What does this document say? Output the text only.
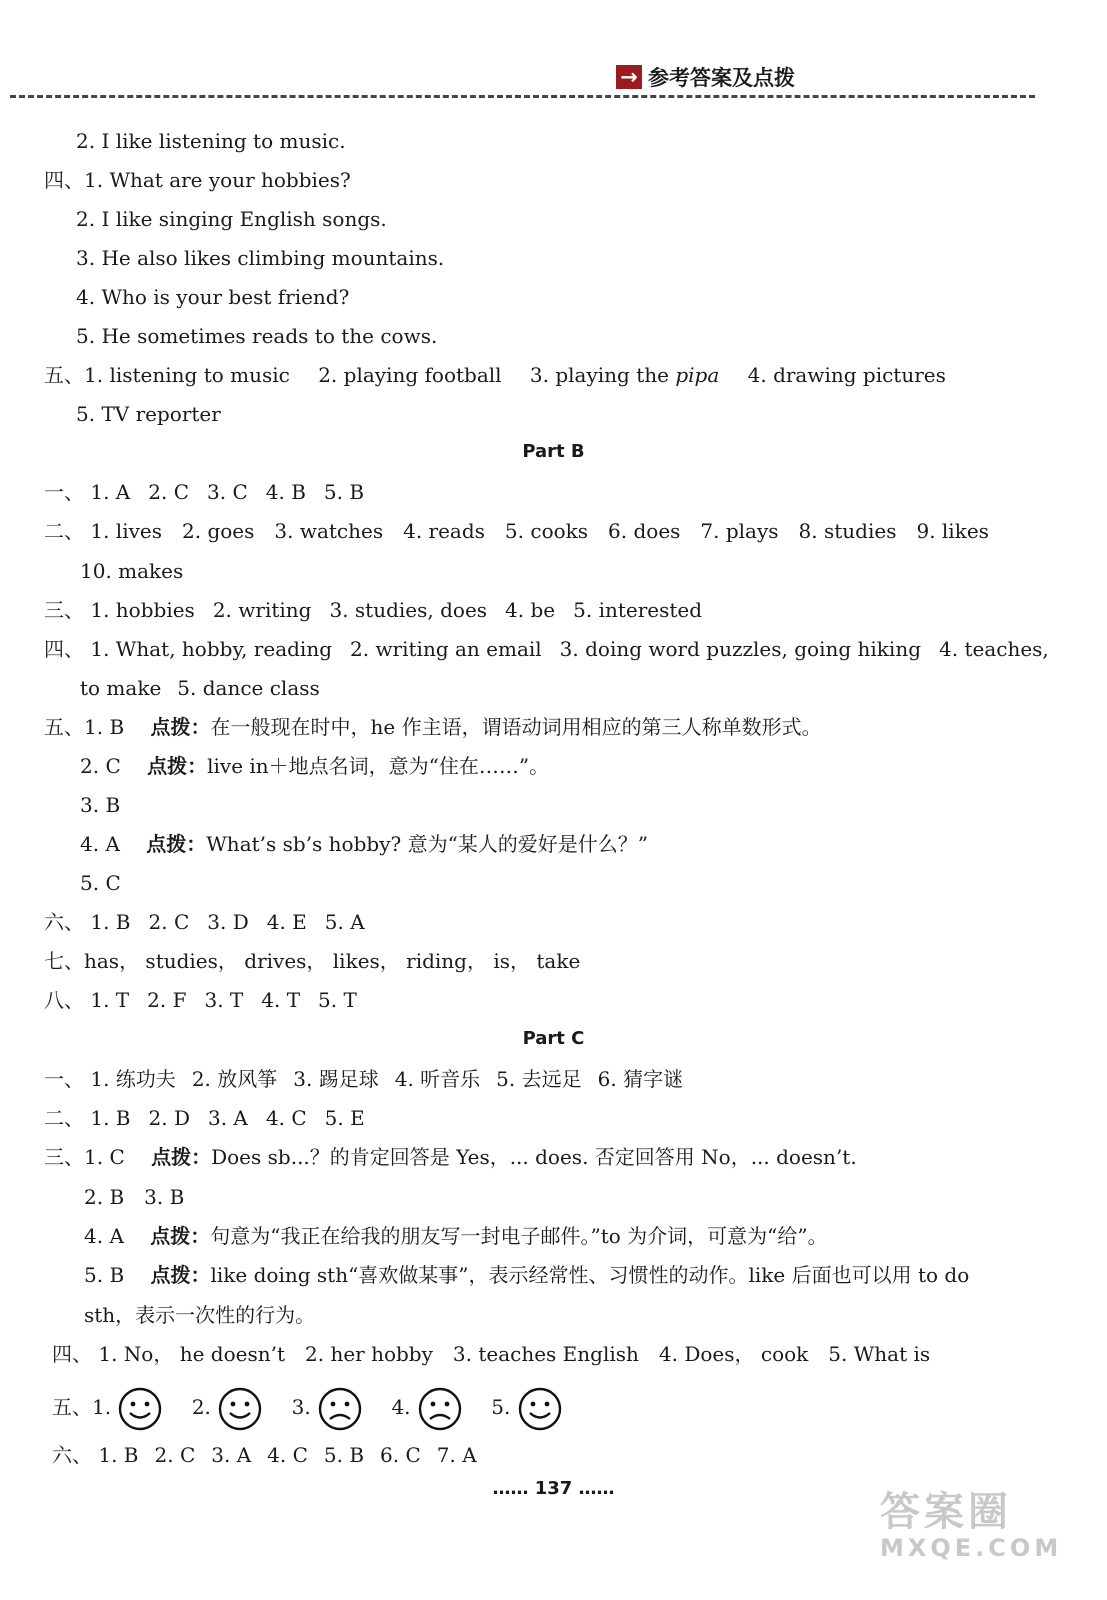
→ 参考答案及点拨
2. I like listening to music.
四、1. What are your hobbies?
2. I like singing English songs.
3. He also likes climbing mountains.
4. Who is your best friend?
5. He sometimes reads to the cows.
五、1. listening to music 2. playing football 3. playing the pipa 4. drawing pictures
5. TV reporter
Part B
一、 1. A 2. C 3. C 4. B 5. B
二、 1. lives 2. goes 3. watches 4. reads 5. cooks 6. does 7. plays 8. studies 9. likes
10. makes
三、 1. hobbies 2. writing 3. studies, does 4. be 5. interested
四、 1. What, hobby, reading 2. writing an email 3. doing word puzzles, going hiking 4. teaches,
to make 5. dance class
五、1. B 点拨：在一般现在时中，he 作主语，谓语动词用相应的第三人称单数形式。
2. C 点拨：live in＋地点名词，意为“住在……”。
3. B
4. A 点拨：What’s sb’s hobby? 意为“某人的爱好是什么？”
5. C
六、 1. B 2. C 3. D 4. E 5. A
七、has， studies， drives， likes， riding， is， take
八、 1. T 2. F 3. T 4. T 5. T
Part C
一、 1. 练功夫 2. 放风筝 3. 踢足球 4. 听音乐 5. 去远足 6. 猜字谜
二、 1. B 2. D 3. A 4. C 5. E
三、1. C 点拨：Does sb...？的肯定回答是 Yes，... does. 否定回答用 No，... doesn’t.
2. B　3. B
4. A 点拨：句意为“我正在给我的朋友写一封电子邮件。”to 为介词，可意为“给”。
5. B 点拨：like doing sth“喜欢做某事”，表示经常性、习惯性的动作。like 后面也可以用 to do
sth，表示一次性的行为。
四、 1. No， he doesn’t 2. her hobby 3. teaches English 4. Does， cook 5. What is
五、1.	2.	3.	4.	5.
六、 1. B 2. C 3. A 4. C 5. B 6. C 7. A
…… 137 ……
答案圈
MXQE.COM
